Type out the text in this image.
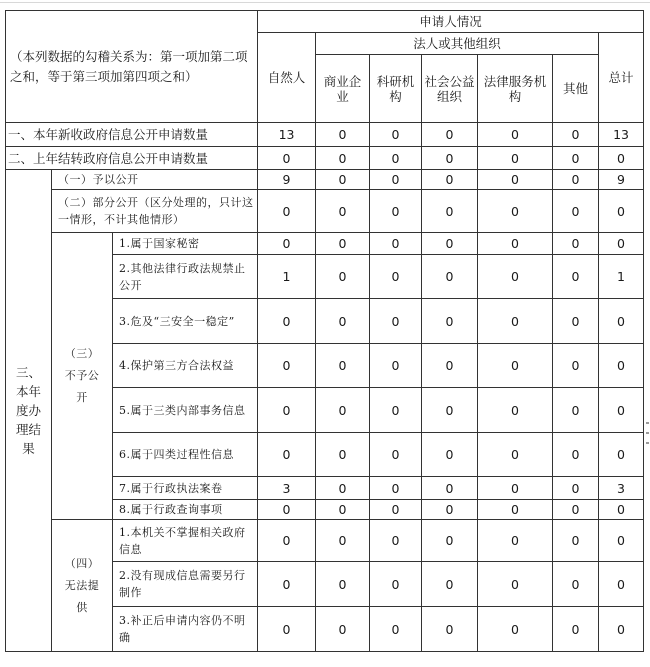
（本列数据的勾稽关系为：第一项加第二项之和，等于第三项加第四项之和）			申请人情况						
			自然人	法人或其他组织					总计
				商业企业	科研机构	社会公益组织	法律服务机构	其他	
一、本年新收政府信息公开申请数量			13	0	0	0	0	0	13
二、上年结转政府信息公开申请数量			0	0	0	0	0	0	0
三、本年度办理结果	（一）予以公开		9	0	0	0	0	0	9
	（二）部分公开（区分处理的，只计这一情形，不计其他情形）		0	0	0	0	0	0	0
	（三）不予公开	1.属于国家秘密	0	0	0	0	0	0	0
		2.其他法律行政法规禁止公开	1	0	0	0	0	0	1
		3.危及“三安全一稳定”	0	0	0	0	0	0	0
		4.保护第三方合法权益	0	0	0	0	0	0	0
		5.属于三类内部事务信息	0	0	0	0	0	0	0
		6.属于四类过程性信息	0	0	0	0	0	0	0
		7.属于行政执法案卷	3	0	0	0	0	0	3
		8.属于行政查询事项	0	0	0	0	0	0	0
	（四）无法提供	1.本机关不掌握相关政府信息	0	0	0	0	0	0	0
		2.没有现成信息需要另行制作	0	0	0	0	0	0	0
		3.补正后申请内容仍不明确	0	0	0	0	0	0	0
